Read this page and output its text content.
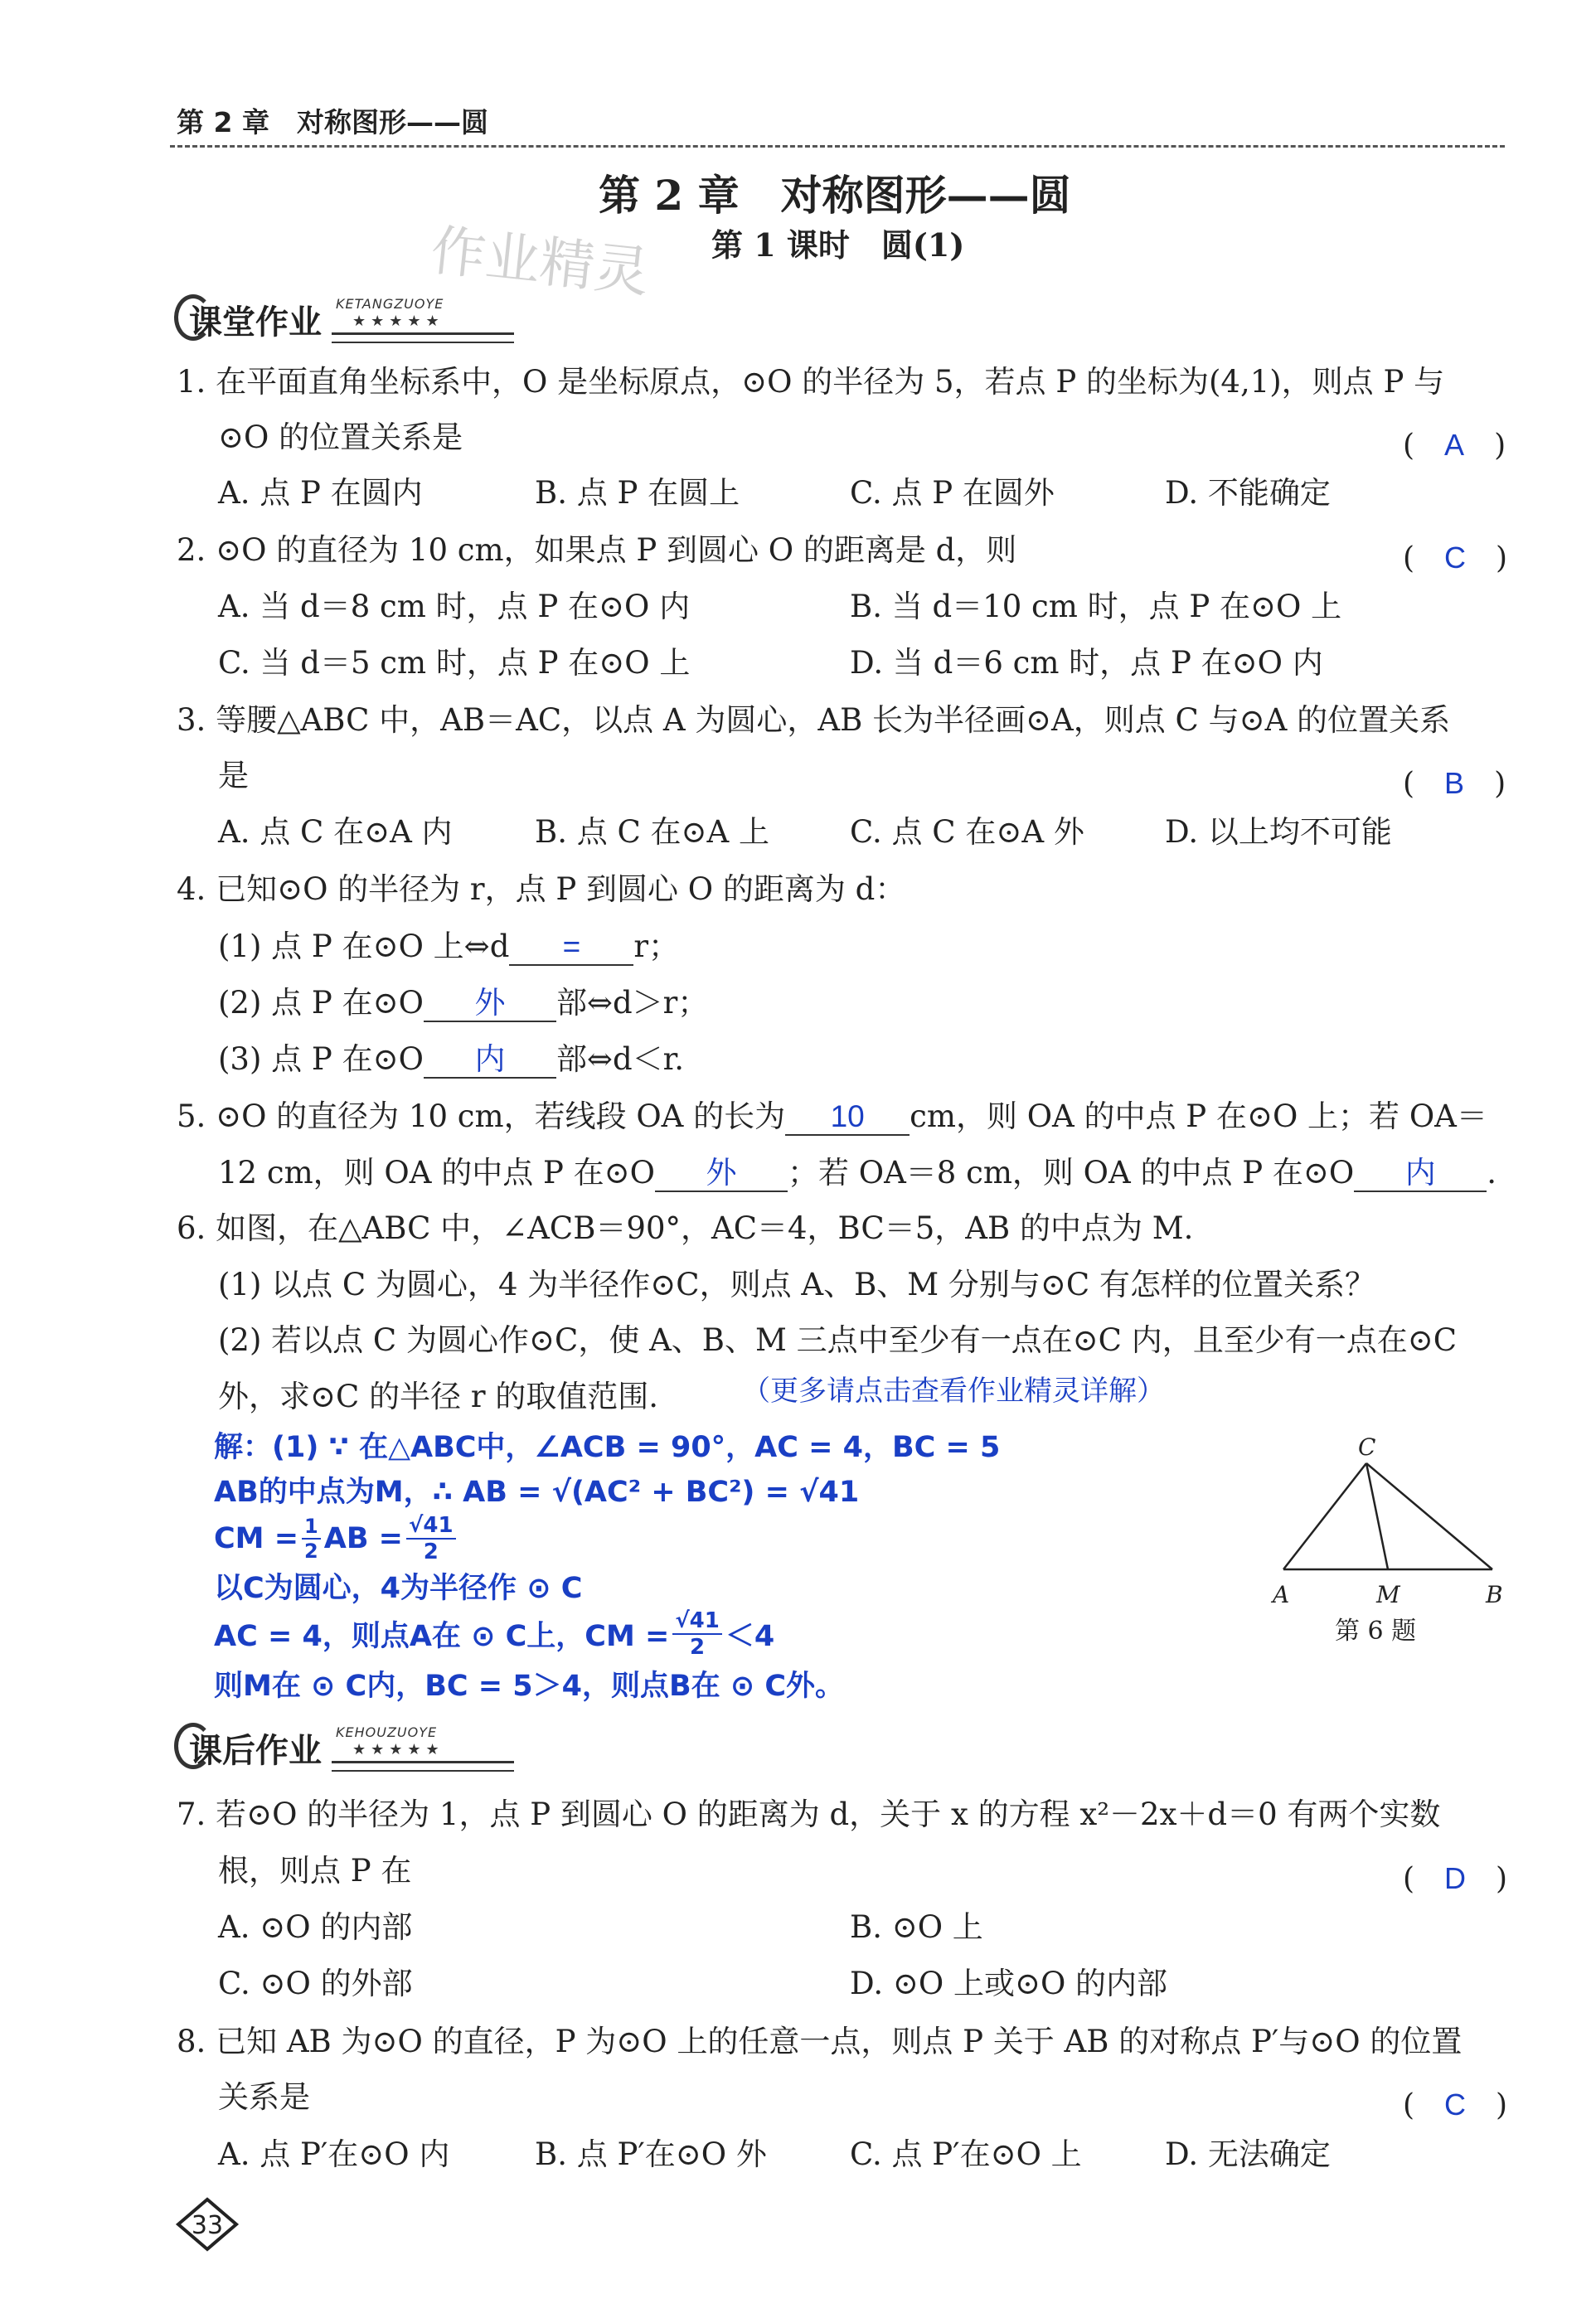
第 2 章　对称图形——圆
第 2 章　对称图形——圆
第 1 课时　圆(1)
作业精灵
课堂作业 KETANGZUOYE
★★★★★
1. 在平面直角坐标系中，O 是坐标原点，⊙O 的半径为 5，若点 P 的坐标为(4,1)，则点 P 与
⊙O 的位置关系是	(　A　)
A. 点 P 在圆内	B. 点 P 在圆上	C. 点 P 在圆外	D. 不能确定
2. ⊙O 的直径为 10 cm，如果点 P 到圆心 O 的距离是 d，则	(　C　)
A. 当 d＝8 cm 时，点 P 在⊙O 内	B. 当 d＝10 cm 时，点 P 在⊙O 上
C. 当 d＝5 cm 时，点 P 在⊙O 上	D. 当 d＝6 cm 时，点 P 在⊙O 内
3. 等腰△ABC 中，AB＝AC，以点 A 为圆心，AB 长为半径画⊙A，则点 C 与⊙A 的位置关系
是	(　B　)
A. 点 C 在⊙A 内	B. 点 C 在⊙A 上	C. 点 C 在⊙A 外	D. 以上均不可能
4. 已知⊙O 的半径为 r，点 P 到圆心 O 的距离为 d：
(1) 点 P 在⊙O 上⇔d = r；
(2) 点 P 在⊙O 外 部⇔d＞r；
(3) 点 P 在⊙O 内 部⇔d＜r.
5. ⊙O 的直径为 10 cm，若线段 OA 的长为 10 cm，则 OA 的中点 P 在⊙O 上；若 OA＝
12 cm，则 OA 的中点 P 在⊙O 外 ；若 OA＝8 cm，则 OA 的中点 P 在⊙O 内 .
6. 如图，在△ABC 中，∠ACB＝90°，AC＝4，BC＝5，AB 的中点为 M.
(1) 以点 C 为圆心，4 为半径作⊙C，则点 A、B、M 分别与⊙C 有怎样的位置关系？
(2) 若以点 C 为圆心作⊙C，使 A、B、M 三点中至少有一点在⊙C 内，且至少有一点在⊙C
外，求⊙C 的半径 r 的取值范围.	（更多请点击查看作业精灵详解）
解：(1) ∵ 在△ABC中，∠ACB = 90°，AC = 4，BC = 5
AB的中点为M，∴ AB = √(AC² + BC²) = √41
CM = $\frac{1}{2}$ AB = $\frac{√41}{2}$
以C为圆心，4为半径作 ⊙ C
AC = 4，则点A在 ⊙ C上，CM = $\frac{√41}{2} <4$
则M在 ⊙ C内，BC = 5＞4，则点B在 ⊙ C外。
C
A	M	B
第 6 题
课后作业 KEHOUZUOYE
★★★★★
7. 若⊙O 的半径为 1，点 P 到圆心 O 的距离为 d，关于 x 的方程 x²－2x＋d＝0 有两个实数
根，则点 P 在	(　D　)
A. ⊙O 的内部	B. ⊙O 上
C. ⊙O 的外部	D. ⊙O 上或⊙O 的内部
8. 已知 AB 为⊙O 的直径，P 为⊙O 上的任意一点，则点 P 关于 AB 的对称点 P′与⊙O 的位置
关系是	(　C　)
A. 点 P′在⊙O 内	B. 点 P′在⊙O 外	C. 点 P′在⊙O 上	D. 无法确定
33
